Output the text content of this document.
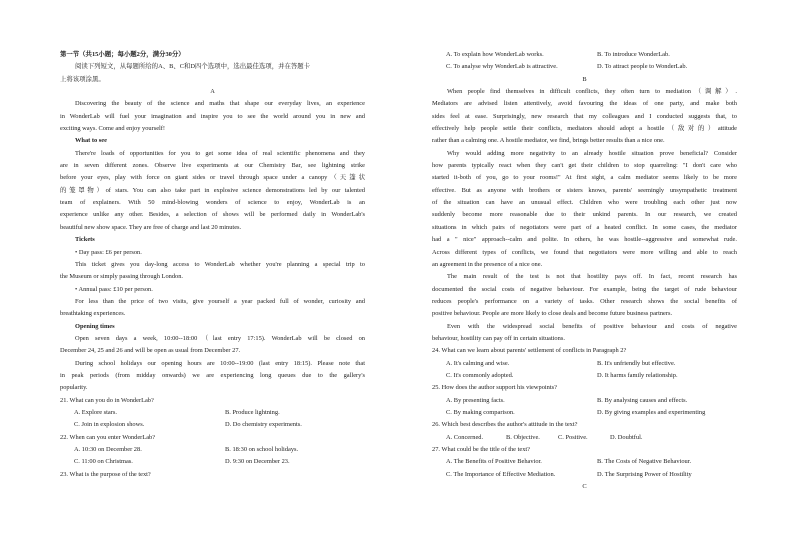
第一节（共15小题；每小题2分，满分30分）
阅读下列短文，从每题所给的A、B、C和D四个选项中，选出最佳选项，并在答题卡
上将该项涂黑。
A
Discovering the beauty of the science and maths that shape our everyday lives, an experience
in WonderLab will fuel your imagination and inspire you to see the world around you in new and
exciting ways. Come and enjoy yourself!
What to see
There're loads of opportunities for you to get some idea of real scientific phenomena and they
are in seven different zones. Observe live experiments at our Chemistry Bar, see lightning strike
before your eyes, play with force on giant sides or travel through space under a canopy（天篷状
的笼罩物）of stars. You can also take part in explosive science demonstrations led by our talented
team of explainers. With 50 mind-blowing wonders of science to enjoy, WonderLab is an
experience unlike any other. Besides, a selection of shows will be performed daily in WonderLab's
beautiful new show space. They are free of charge and last 20 minutes.
Tickets
• Day pass: £6 per person.
This ticket gives you day-long access to WonderLab whether you're planning a special trip to
the Museum or simply passing through London.
• Annual pass: £10 per person.
For less than the price of two visits, give yourself a year packed full of wonder, curiosity and
breathtaking experiences.
Opening times
Open seven days a week, 10:00--18:00（last entry 17:15). WonderLab will be closed on
December 24, 25 and 26 and will be open as usual from December 27.
During school holidays our opening hours are 10:00--19:00 (last entry 18:15). Please note that
in peak periods (from midday onwards) we are experiencing long queues due to the gallery's
popularity.
21. What can you do in WonderLab?
A. Explore stars.	B. Produce lightning.
C. Join in explosion shows.	D. Do chemistry experiments.
22. When can you enter WonderLab?
A. 10:30 on December 28.	B. 18:30 on school holidays.
C. 11:00 on Christmas.	D. 9:30 on December 23.
23. What is the purpose of the text?
A. To explain how WonderLab works.	B. To introduce WonderLab.
C. To analyse why WonderLab is attractive.	D. To attract people to WonderLab.
B
When people find themselves in difficult conflicts, they often turn to mediation（调解）.
Mediators are advised listen attentively, avoid favouring the ideas of one party, and make both
sides feel at ease. Surprisingly, new research that my colleagues and I conducted suggests that, to
effectively help people settle their conflicts, mediators should adopt a hostile（敌对的）attitude
rather than a calming one. A hostile mediator, we find, brings better results than a nice one.
Why would adding more negativity to an already hostile situation prove beneficial? Consider
how parents typically react when they can't get their children to stop quarreling: "I don't care who
started it-both of you, go to your rooms!" At first sight, a calm mediator seems likely to be more
effective. But as anyone with brothers or sisters knows, parents' seemingly unsympathetic treatment
of the situation can have an unusual effect. Children who were troubling each other just now
suddenly become more reasonable due to their unkind parents. In our research, we created
situations in which pairs of negotiators were part of a heated conflict. In some cases, the mediator
had a " nice" approach--calm and polite. In others, he was hostile--aggressive and somewhat rude.
Across different types of conflicts, we found that negotiators were more willing and able to reach
an agreement in the presence of a nice one.
The main result of the test is not that hostility pays off. In fact, recent research has
documented the social costs of negative behaviour. For example, being the target of rude behaviour
reduces people's performance on a variety of tasks. Other research shows the social benefits of
positive behaviour. People are more likely to close deals and become future business partners.
Even with the widespread social benefits of positive behaviour and costs of negative
behaviour, hostility can pay off in certain situations.
24. What can we learn about parents' settlement of conflicts in Paragraph 2?
A. It's calming and wise.	B. It's unfriendly but effective.
C. It's commonly adopted.	D. It harms family relationship.
25. How does the author support his viewpoints?
A. By presenting facts.	B. By analysing causes and effects.
C. By making comparison.	D. By giving examples and experimenting
26. Which best describes the author's attitude in the text?
A. Concerned.	B. Objective.	C. Positive.	D. Doubtful.
27. What could be the title of the text?
A. The Benefits of Positive Behavior.	B. The Costs of Negative Behaviour.
C. The Importance of Effective Mediation.	D. The Surprising Power of Hostility
C
